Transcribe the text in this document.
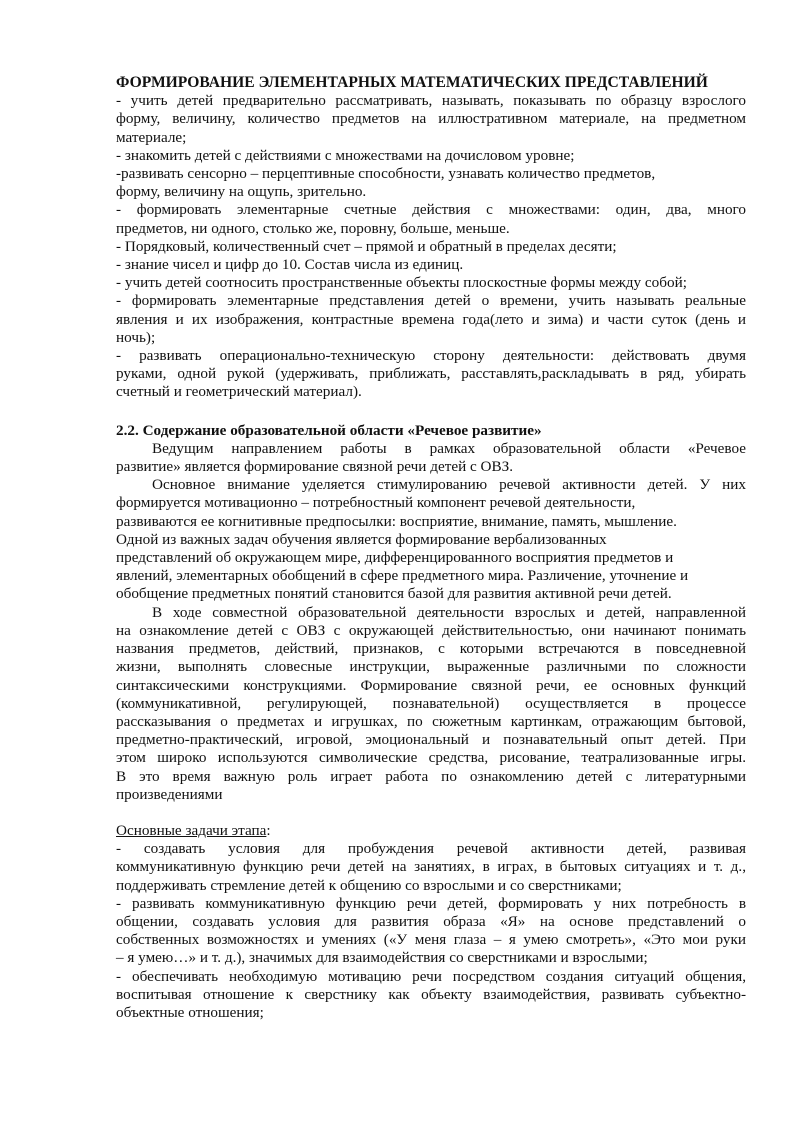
ФОРМИРОВАНИЕ ЭЛЕМЕНТАРНЫХ МАТЕМАТИЧЕСКИХ ПРЕДСТАВЛЕНИЙ

- учить детей предварительно рассматривать, называть, показывать по образцу взрослого

форму, величину, количество предметов на иллюстративном материале, на предметном

материале;

- знакомить детей с действиями с множествами на дочисловом уровне;

-развивать сенсорно – перцептивные способности, узнавать количество предметов,

форму, величину на ощупь, зрительно.

- формировать элементарные счетные действия с множествами: один, два, много

предметов, ни одного, столько же, поровну, больше, меньше.

- Порядковый, количественный счет – прямой и обратный в пределах десяти;

- знание чисел и цифр до 10. Состав числа из единиц.

- учить детей соотносить пространственные объекты плоскостные формы между собой;

- формировать элементарные представления детей о времени, учить называть реальные

явления и их изображения, контрастные времена года(лето и зима) и части суток (день и

ночь);

- развивать операционально-техническую сторону деятельности: действовать двумя

руками, одной рукой (удерживать, приближать, расставлять,раскладывать в ряд, убирать

счетный и геометрический материал).

2.2. Содержание образовательной области «Речевое развитие»

Ведущим направлением работы в рамках образовательной области «Речевое

развитие» является формирование связной речи детей с ОВЗ.

Основное внимание уделяется стимулированию речевой активности детей. У них

формируется мотивационно – потребностный компонент речевой деятельности,

развиваются ее когнитивные предпосылки: восприятие, внимание, память, мышление.

Одной из важных задач обучения является формирование вербализованных

представлений об окружающем мире, дифференцированного восприятия предметов и

явлений, элементарных обобщений в сфере предметного мира. Различение, уточнение и

обобщение предметных понятий становится базой для развития активной речи детей.

В ходе совместной образовательной деятельности взрослых и детей, направленной

на ознакомление детей с ОВЗ с окружающей действительностью, они начинают понимать

названия предметов, действий, признаков, с которыми встречаются в повседневной

жизни, выполнять словесные инструкции, выраженные различными по сложности

синтаксическими конструкциями. Формирование связной речи, ее основных функций

(коммуникативной, регулирующей, познавательной) осуществляется в процессе

рассказывания о предметах и игрушках, по сюжетным картинкам, отражающим бытовой,

предметно-практический, игровой, эмоциональный и познавательный опыт детей. При

этом широко используются символические средства, рисование, театрализованные игры.

В это время важную роль играет работа по ознакомлению детей с литературными

произведениями

Основные задачи этапа:

- создавать условия для пробуждения речевой активности детей, развивая

коммуникативную функцию речи детей на занятиях, в играх, в бытовых ситуациях и т. д.,

поддерживать стремление детей к общению со взрослыми и со сверстниками;

- развивать коммуникативную функцию речи детей, формировать у них потребность в

общении, создавать условия для развития образа «Я» на основе представлений о

собственных возможностях и умениях («У меня глаза – я умею смотреть», «Это мои руки

– я умею…» и т. д.), значимых для взаимодействия со сверстниками и взрослыми;

- обеспечивать необходимую мотивацию речи посредством создания ситуаций общения,

воспитывая отношение к сверстнику как объекту взаимодействия, развивать субъектно-

объектные отношения;
